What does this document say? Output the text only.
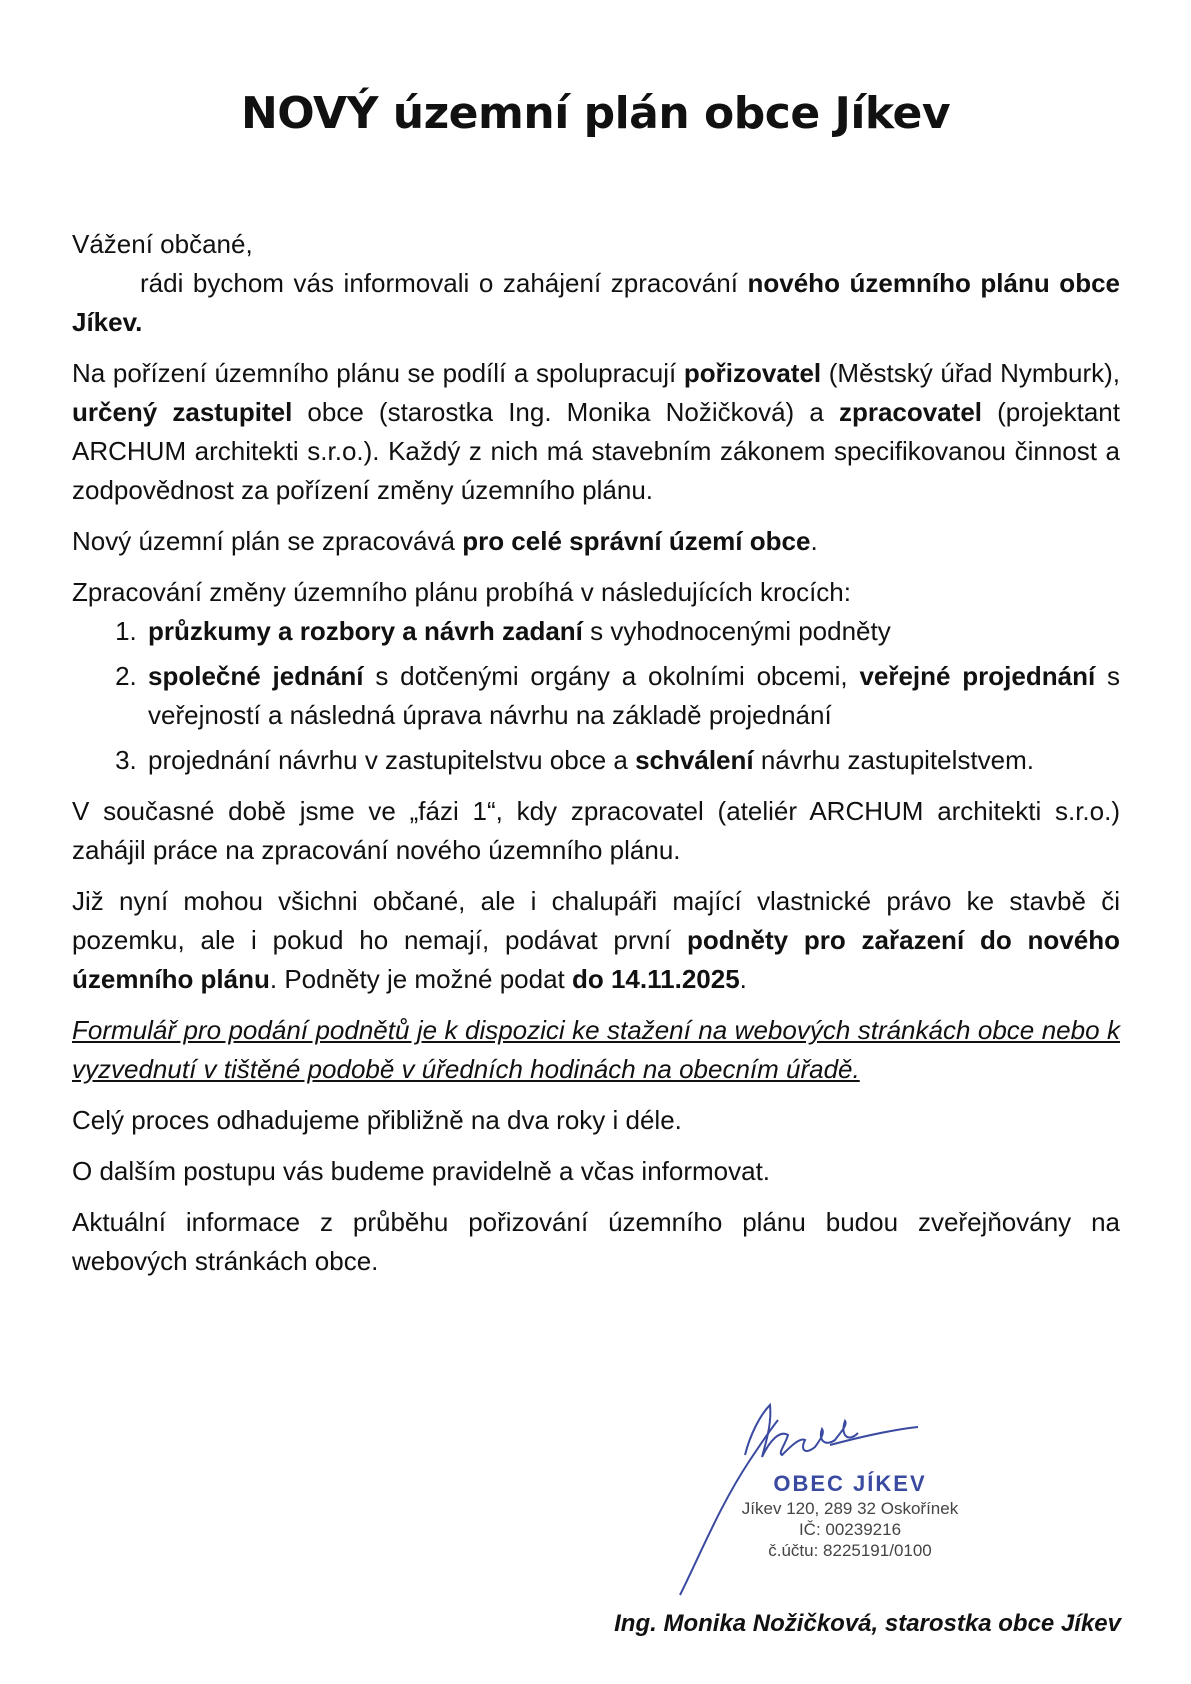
NOVÝ územní plán obce Jíkev

Vážení občané,

rádi bychom vás informovali o zahájení zpracování nového územního plánu obce Jíkev.

Na pořízení územního plánu se podílí a spolupracují pořizovatel (Městský úřad Nymburk), určený zastupitel obce (starostka Ing. Monika Nožičková) a zpracovatel (projektant ARCHUM architekti s.r.o.). Každý z nich má stavebním zákonem specifikovanou činnost a zodpovědnost za pořízení změny územního plánu.

Nový územní plán se zpracovává pro celé správní území obce.

Zpracování změny územního plánu probíhá v následujících krocích:

1. průzkumy a rozbory a návrh zadaní s vyhodnocenými podněty
2. společné jednání s dotčenými orgány a okolními obcemi, veřejné projednání s veřejností a následná úprava návrhu na základě projednání
3. projednání návrhu v zastupitelstvu obce a schválení návrhu zastupitelstvem.

V současné době jsme ve „fázi 1“, kdy zpracovatel (ateliér ARCHUM architekti s.r.o.) zahájil práce na zpracování nového územního plánu.

Již nyní mohou všichni občané, ale i chalupáři mající vlastnické právo ke stavbě či pozemku, ale i pokud ho nemají, podávat první podněty pro zařazení do nového územního plánu. Podněty je možné podat do 14.11.2025.

Formulář pro podání podnětů je k dispozici ke stažení na webových stránkách obce nebo k vyzvednutí v tištěné podobě v úředních hodinách na obecním úřadě.

Celý proces odhadujeme přibližně na dva roky i déle.

O dalším postupu vás budeme pravidelně a včas informovat.

Aktuální informace z průběhu pořizování územního plánu budou zveřejňovány na webových stránkách obce.

OBEC JÍKEV
Jíkev 120, 289 32 Oskořínek
IČ: 00239216
č.účtu: 8225191/0100
Ing. Monika Nožičková, starostka obce Jíkev
